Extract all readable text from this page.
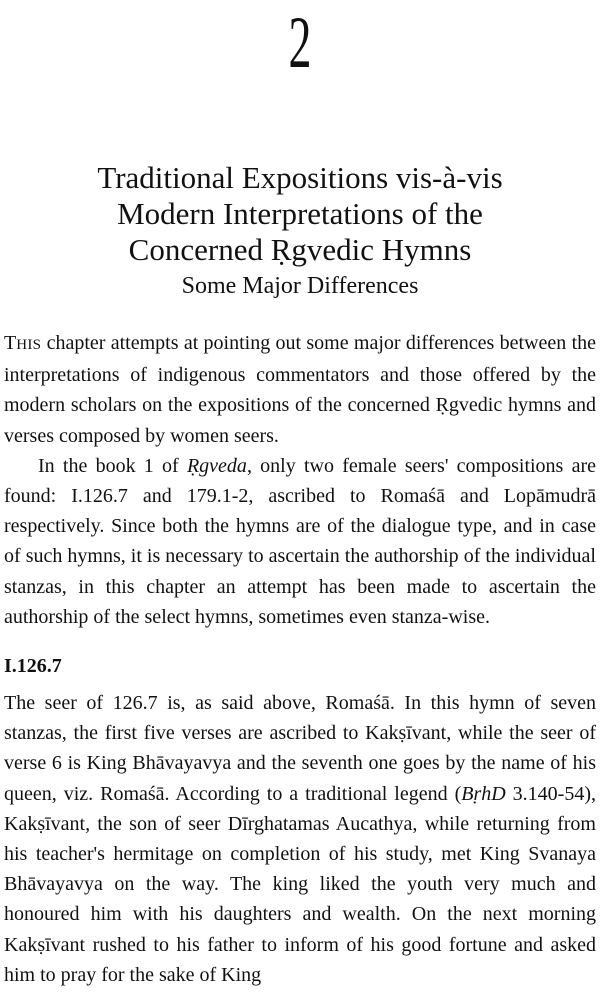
2
Traditional Expositions vis-à-vis
Modern Interpretations of the
Concerned Ṛgvedic Hymns
Some Major Differences

THIS chapter attempts at pointing out some major differences between the interpretations of indigenous commentators and those offered by the modern scholars on the expositions of the concerned Ṛgvedic hymns and verses composed by women seers.

In the book 1 of Ṛgveda, only two female seers' compositions are found: I.126.7 and 179.1-2, ascribed to Romaśā and Lopāmudrā respectively. Since both the hymns are of the dialogue type, and in case of such hymns, it is necessary to ascertain the authorship of the individual stanzas, in this chapter an attempt has been made to ascertain the authorship of the select hymns, sometimes even stanza-wise.

I.126.7

The seer of 126.7 is, as said above, Romaśā. In this hymn of seven stanzas, the first five verses are ascribed to Kakṣīvant, while the seer of verse 6 is King Bhāvayavya and the seventh one goes by the name of his queen, viz. Romaśā. According to a traditional legend (BṛhD 3.140-54), Kakṣīvant, the son of seer Dīrghatamas Aucathya, while returning from his teacher's hermitage on completion of his study, met King Svanaya Bhāvayavya on the way. The king liked the youth very much and honoured him with his daughters and wealth. On the next morning Kakṣīvant rushed to his father to inform of his good fortune and asked him to pray for the sake of King
